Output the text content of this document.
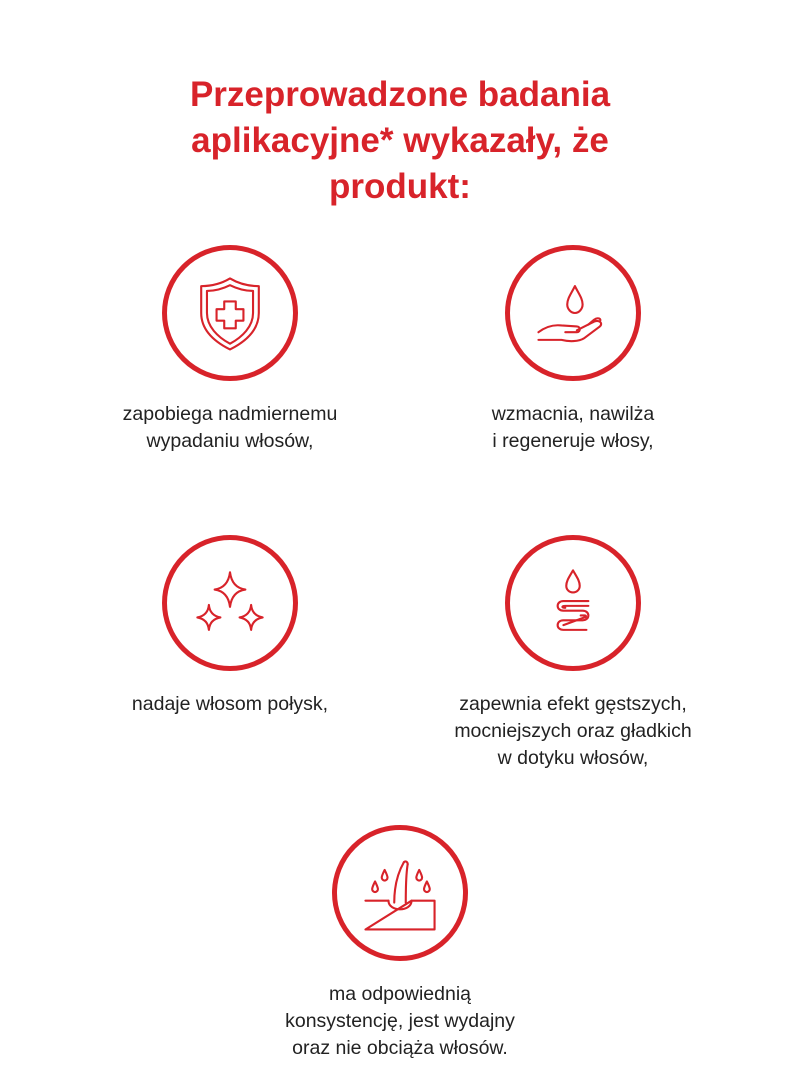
Przeprowadzone badania
aplikacyjne* wykazały, że
produkt:
zapobiega nadmiernemu
wypadaniu włosów,
wzmacnia, nawilża
i regeneruje włosy,
nadaje włosom połysk,	zapewnia efekt gęstszych,
mocniejszych oraz gładkich
w dotyku włosów,
ma odpowiednią
konsystencję, jest wydajny
oraz nie obciąża włosów.
